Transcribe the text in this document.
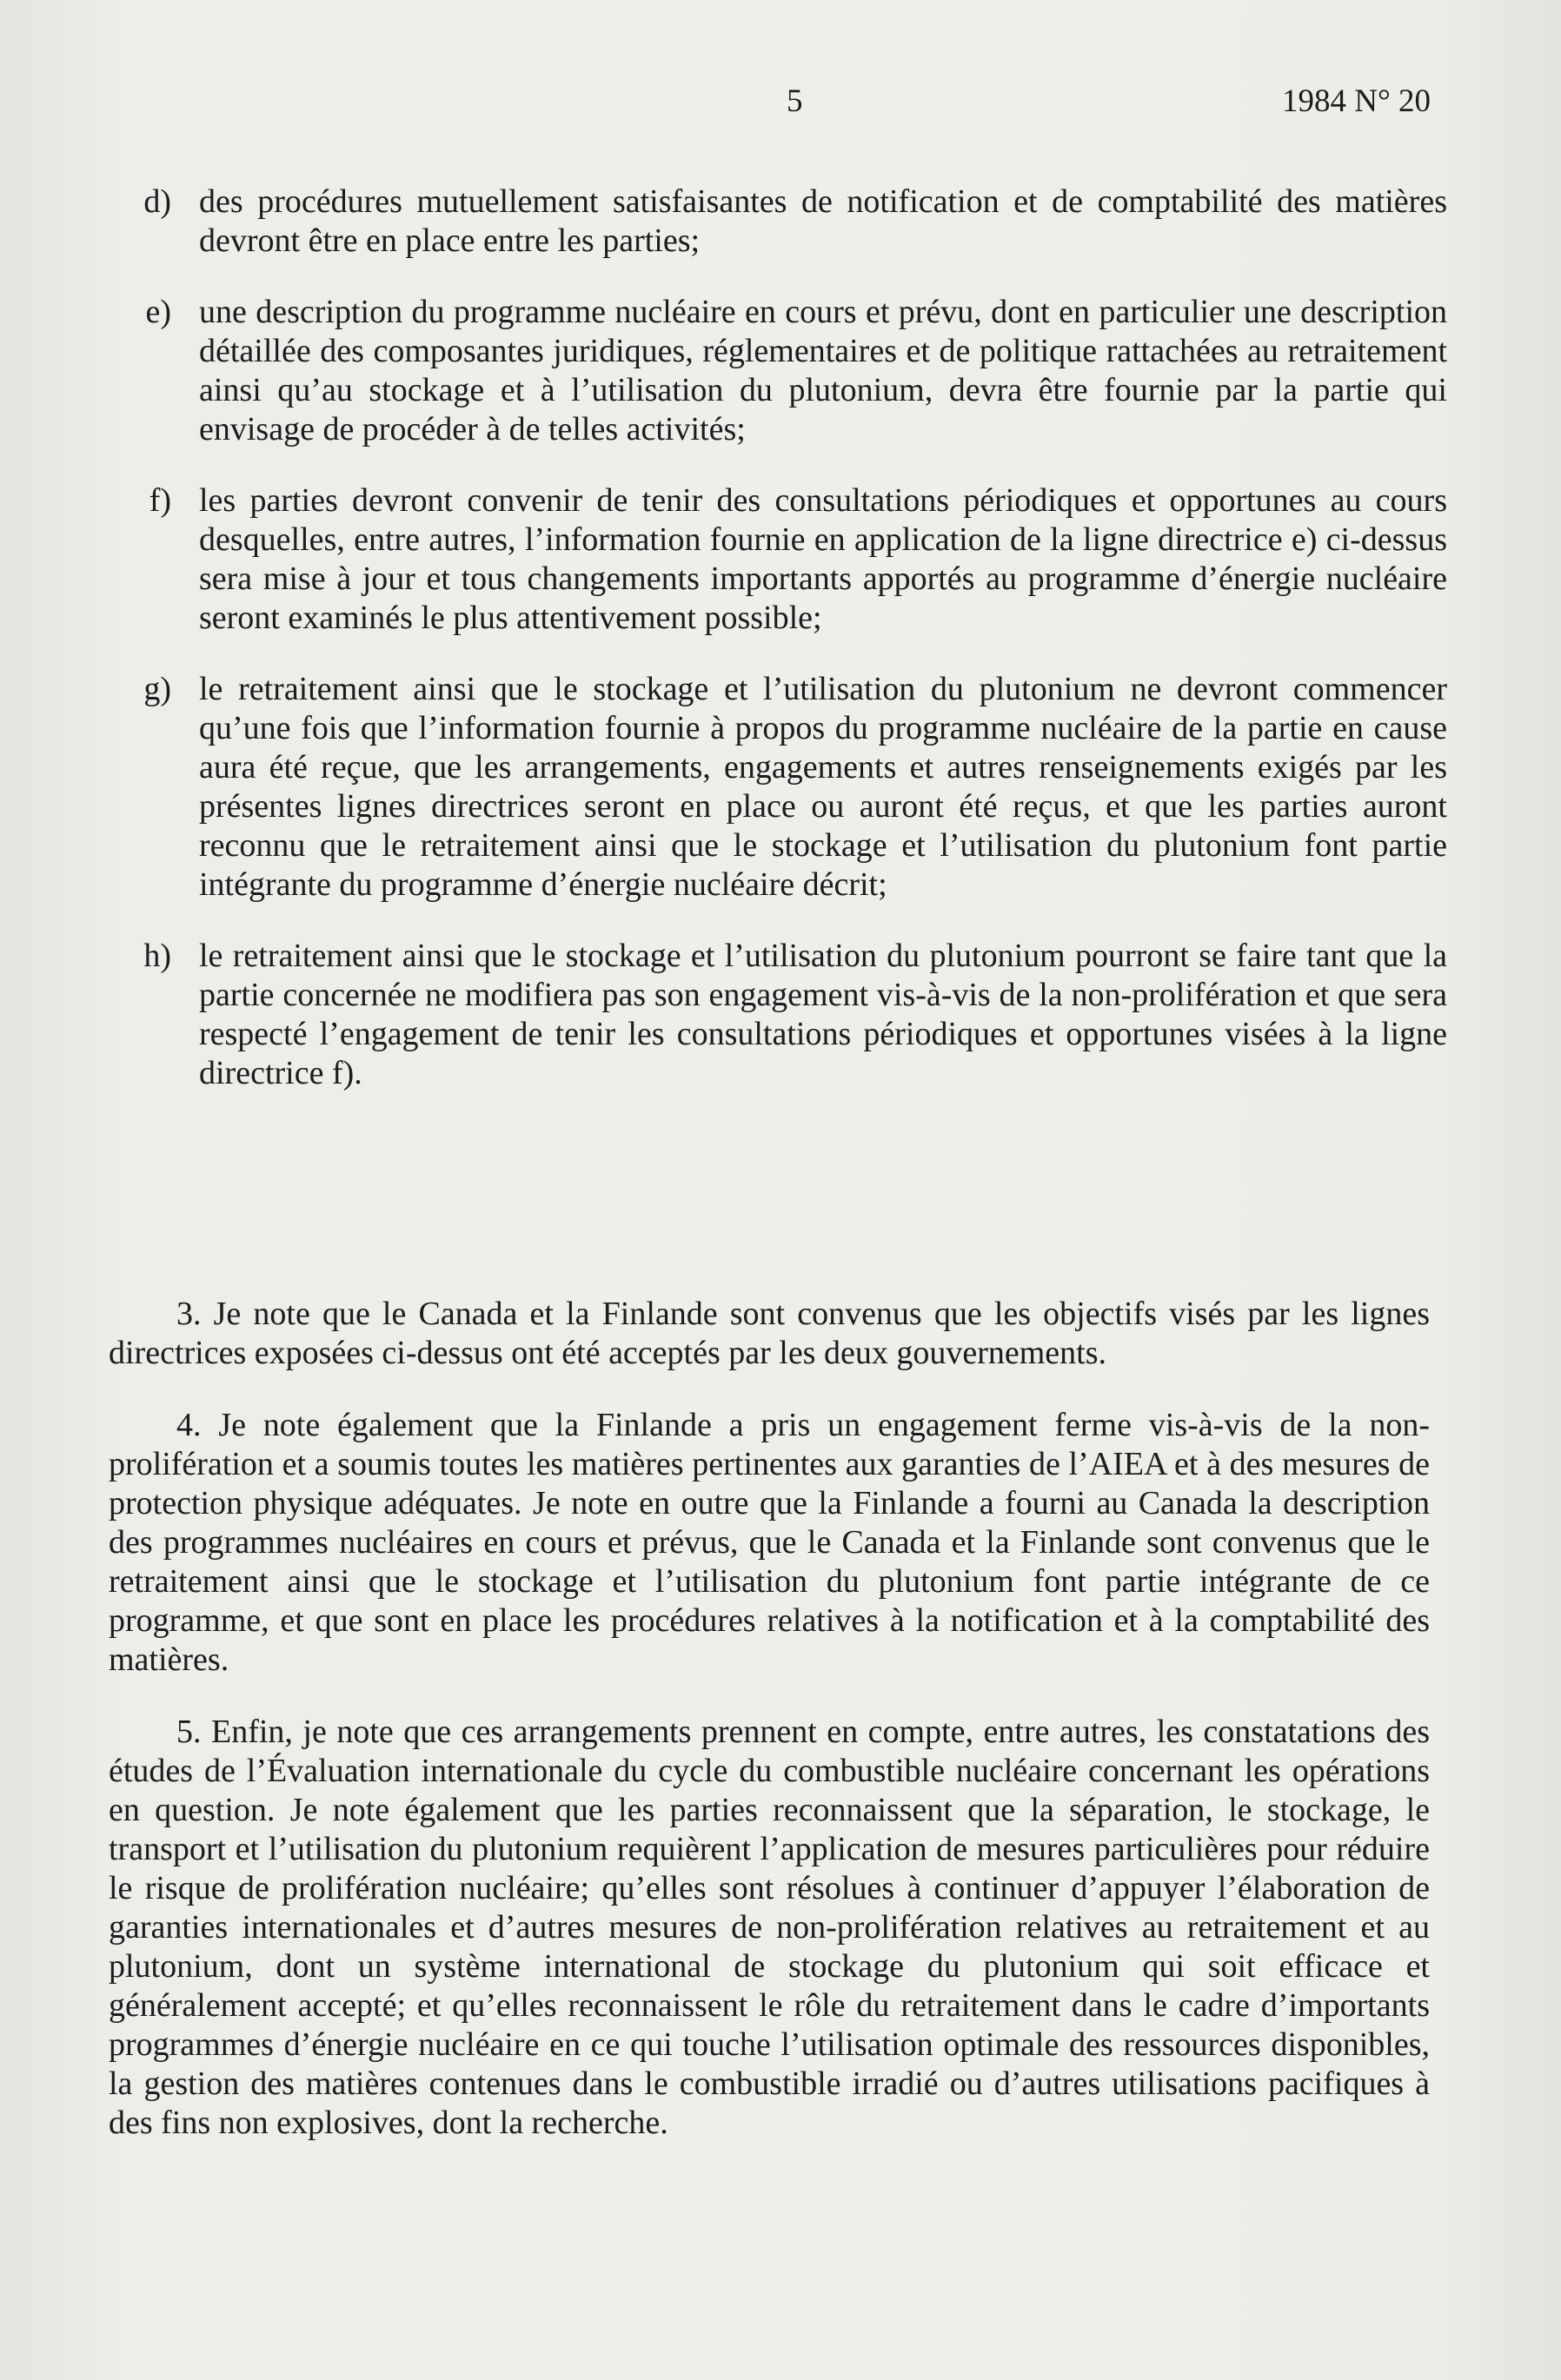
5	1984 N° 20
d) des procédures mutuellement satisfaisantes de notification et de comptabilité des matières devront être en place entre les parties;
e) une description du programme nucléaire en cours et prévu, dont en particulier une description détaillée des composantes juridiques, réglementaires et de politique rattachées au retraitement ainsi qu’au stockage et à l’utilisation du plutonium, devra être fournie par la partie qui envisage de procéder à de telles activités;
f) les parties devront convenir de tenir des consultations périodiques et opportunes au cours desquelles, entre autres, l’information fournie en application de la ligne directrice e) ci-dessus sera mise à jour et tous changements importants apportés au programme d’énergie nucléaire seront examinés le plus attentivement possible;
g) le retraitement ainsi que le stockage et l’utilisation du plutonium ne devront commencer qu’une fois que l’information fournie à propos du programme nucléaire de la partie en cause aura été reçue, que les arrangements, engagements et autres renseignements exigés par les présentes lignes directrices seront en place ou auront été reçus, et que les parties auront reconnu que le retraitement ainsi que le stockage et l’utilisation du plutonium font partie intégrante du programme d’énergie nucléaire décrit;
h) le retraitement ainsi que le stockage et l’utilisation du plutonium pourront se faire tant que la partie concernée ne modifiera pas son engagement vis-à-vis de la non-prolifération et que sera respecté l’engagement de tenir les consultations périodiques et opportunes visées à la ligne directrice f).

3. Je note que le Canada et la Finlande sont convenus que les objectifs visés par les lignes directrices exposées ci-dessus ont été acceptés par les deux gouvernements.

4. Je note également que la Finlande a pris un engagement ferme vis-à-vis de la non-prolifération et a soumis toutes les matières pertinentes aux garanties de l’AIEA et à des mesures de protection physique adéquates. Je note en outre que la Finlande a fourni au Canada la description des programmes nucléaires en cours et prévus, que le Canada et la Finlande sont convenus que le retraitement ainsi que le stockage et l’utilisation du plutonium font partie intégrante de ce programme, et que sont en place les procédures relatives à la notification et à la comptabilité des matières.

5. Enfin, je note que ces arrangements prennent en compte, entre autres, les constatations des études de l’Évaluation internationale du cycle du combustible nucléaire concernant les opérations en question. Je note également que les parties reconnaissent que la séparation, le stockage, le transport et l’utilisation du plutonium requièrent l’application de mesures particulières pour réduire le risque de prolifération nucléaire; qu’elles sont résolues à continuer d’appuyer l’élaboration de garanties internationales et d’autres mesures de non-prolifération relatives au retraitement et au plutonium, dont un système international de stockage du plutonium qui soit efficace et généralement accepté; et qu’elles reconnaissent le rôle du retraitement dans le cadre d’importants programmes d’énergie nucléaire en ce qui touche l’utilisation optimale des ressources disponibles, la gestion des matières contenues dans le combustible irradié ou d’autres utilisations pacifiques à des fins non explosives, dont la recherche.
